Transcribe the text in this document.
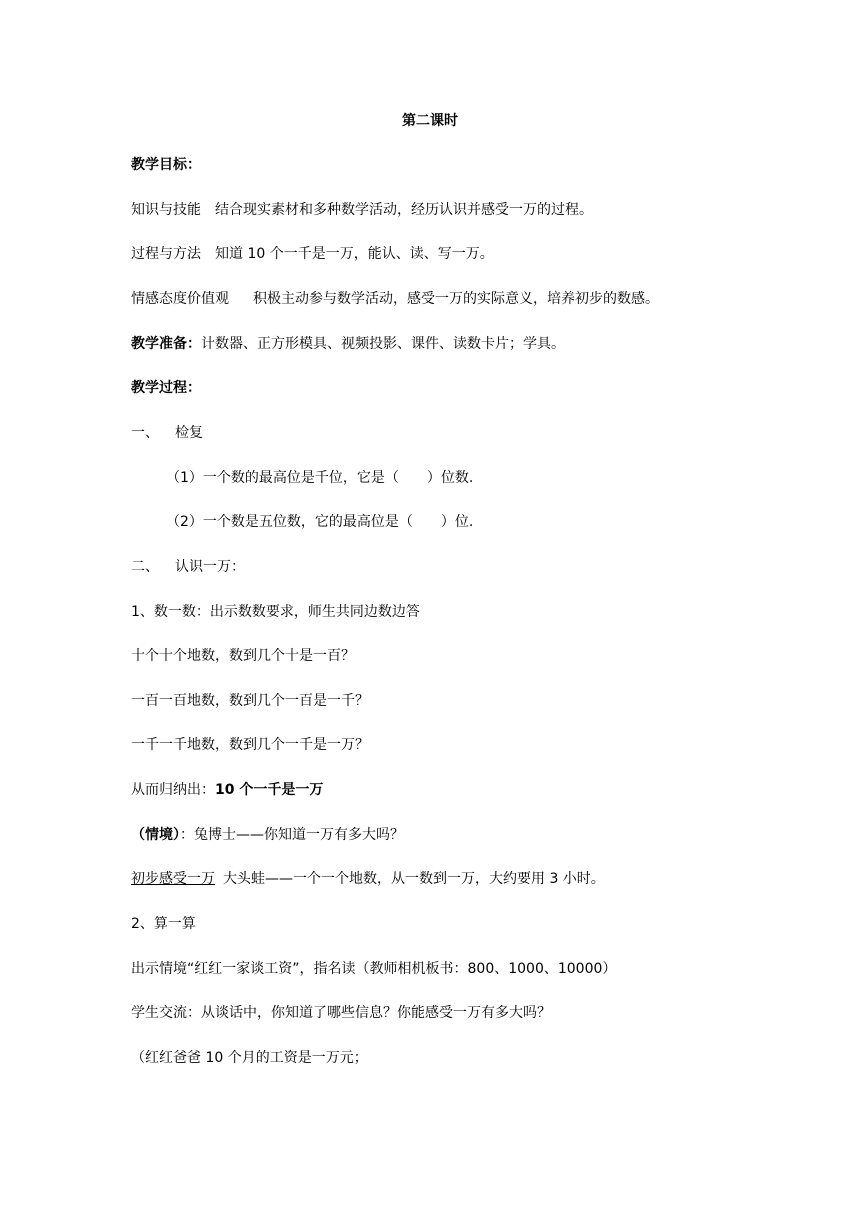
第二课时
教学目标：
知识与技能 结合现实素材和多种数学活动，经历认识并感受一万的过程。
过程与方法 知道 10 个一千是一万，能认、读、写一万。
情感态度价值观 积极主动参与数学活动，感受一万的实际意义，培养初步的数感。
教学准备：计数器、正方形模具、视频投影、课件、读数卡片；学具。
教学过程：
一、 检复
（1）一个数的最高位是千位，它是（　　）位数.
（2）一个数是五位数，它的最高位是（　　）位.
二、 认识一万：
1、数一数：出示数数要求，师生共同边数边答
十个十个地数，数到几个十是一百？
一百一百地数，数到几个一百是一千？
一千一千地数，数到几个一千是一万？
从而归纳出：10 个一千是一万
（情境）：兔博士——你知道一万有多大吗？
初步感受一万 大头蛙——一个一个地数，从一数到一万，大约要用 3 小时。
2、算一算
出示情境“红红一家谈工资”，指名读（教师相机板书：800、1000、10000）
学生交流：从谈话中，你知道了哪些信息？你能感受一万有多大吗？
（红红爸爸 10 个月的工资是一万元；
